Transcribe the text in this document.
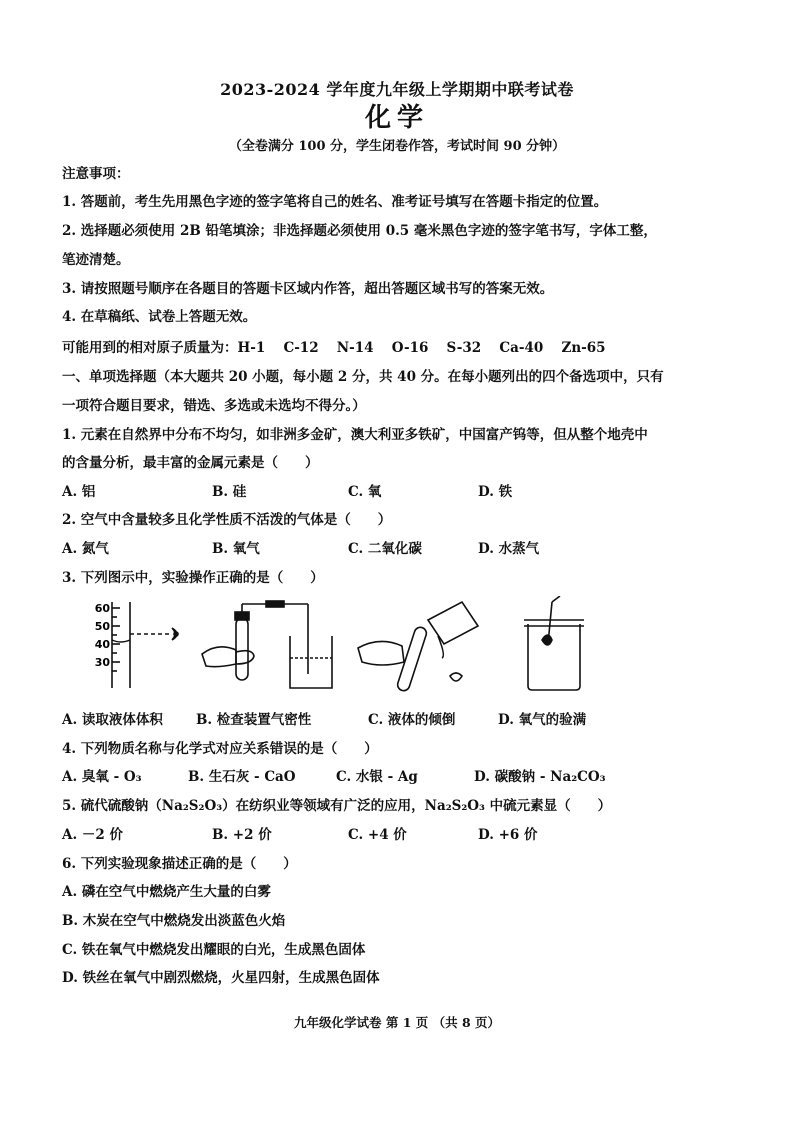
2023-2024 学年度九年级上学期期中联考试卷
化学
（全卷满分 100 分，学生闭卷作答，考试时间 90 分钟）
注意事项：
1. 答题前，考生先用黑色字迹的签字笔将自己的姓名、准考证号填写在答题卡指定的位置。
2. 选择题必须使用 2B 铅笔填涂；非选择题必须使用 0.5 毫米黑色字迹的签字笔书写，字体工整，
笔迹清楚。
3. 请按照题号顺序在各题目的答题卡区域内作答，超出答题区域书写的答案无效。
4. 在草稿纸、试卷上答题无效。
可能用到的相对原子质量为：H-1　 C-12　 N-14　 O-16　 S-32　 Ca-40　 Zn-65
一、单项选择题（本大题共 20 小题，每小题 2 分，共 40 分。在每小题列出的四个备选项中，只有
一项符合题目要求，错选、多选或未选均不得分。）
1. 元素在自然界中分布不均匀，如非洲多金矿，澳大利亚多铁矿，中国富产钨等，但从整个地壳中
的含量分析，最丰富的金属元素是（　　）
A. 铝	B. 硅	C. 氧	D. 铁
2. 空气中含量较多且化学性质不活泼的气体是（　　）
A. 氮气	B. 氧气	C. 二氧化碳	D. 水蒸气
3. 下列图示中，实验操作正确的是（　　）
60
50
40
30
A. 读取液体体积 B. 检查装置气密性	C. 液体的倾倒	D. 氧气的验满
4. 下列物质名称与化学式对应关系错误的是（　　）
A. 臭氧 - O₃	B. 生石灰 - CaO	C. 水银 - Ag	D. 碳酸钠 - Na₂CO₃
5. 硫代硫酸钠（Na₂S₂O₃）在纺织业等领域有广泛的应用，Na₂S₂O₃ 中硫元素显（　　）
A. －2 价	B. +2 价	C. +4 价	D. +6 价
6. 下列实验现象描述正确的是（　　）
A. 磷在空气中燃烧产生大量的白雾
B. 木炭在空气中燃烧发出淡蓝色火焰
C. 铁在氧气中燃烧发出耀眼的白光，生成黑色固体
D. 铁丝在氧气中剧烈燃烧，火星四射，生成黑色固体
九年级化学试卷 第 1 页 （共 8 页）
